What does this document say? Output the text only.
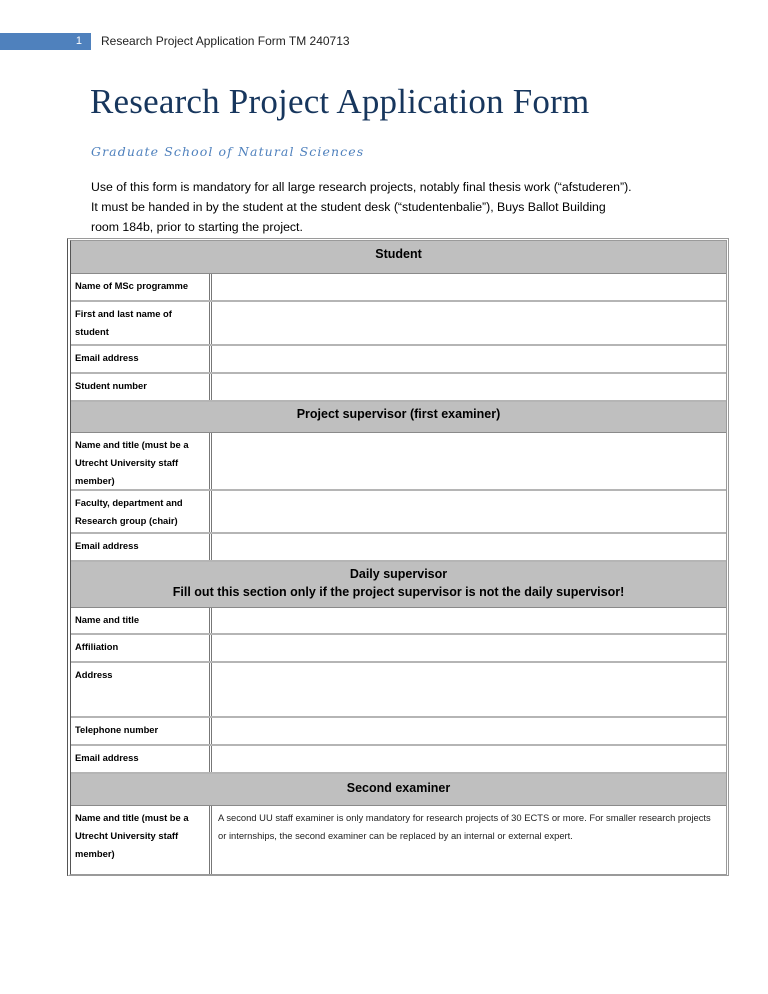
1 Research Project Application Form TM 240713
Research Project Application Form
Graduate School of Natural Sciences
Use of this form is mandatory for all large research projects, notably final thesis work (“afstuderen”).
It must be handed in by the student at the student desk (“studentenbalie”), Buys Ballot Building
room 184b, prior to starting the project.
Student
Name of MSc programme
First and last name of student
Email address
Student number
Project supervisor (first examiner)
Name and title (must be a Utrecht University staff member)
Faculty, department and Research group (chair)
Email address
Daily supervisor
Fill out this section only if the project supervisor is not the daily supervisor!
Name and title
Affiliation
Address
Telephone number
Email address
Second examiner
Name and title (must be a Utrecht University staff member)
A second UU staff examiner is only mandatory for research projects of 30 ECTS or more. For smaller research projects or internships, the second examiner can be replaced by an internal or external expert.
